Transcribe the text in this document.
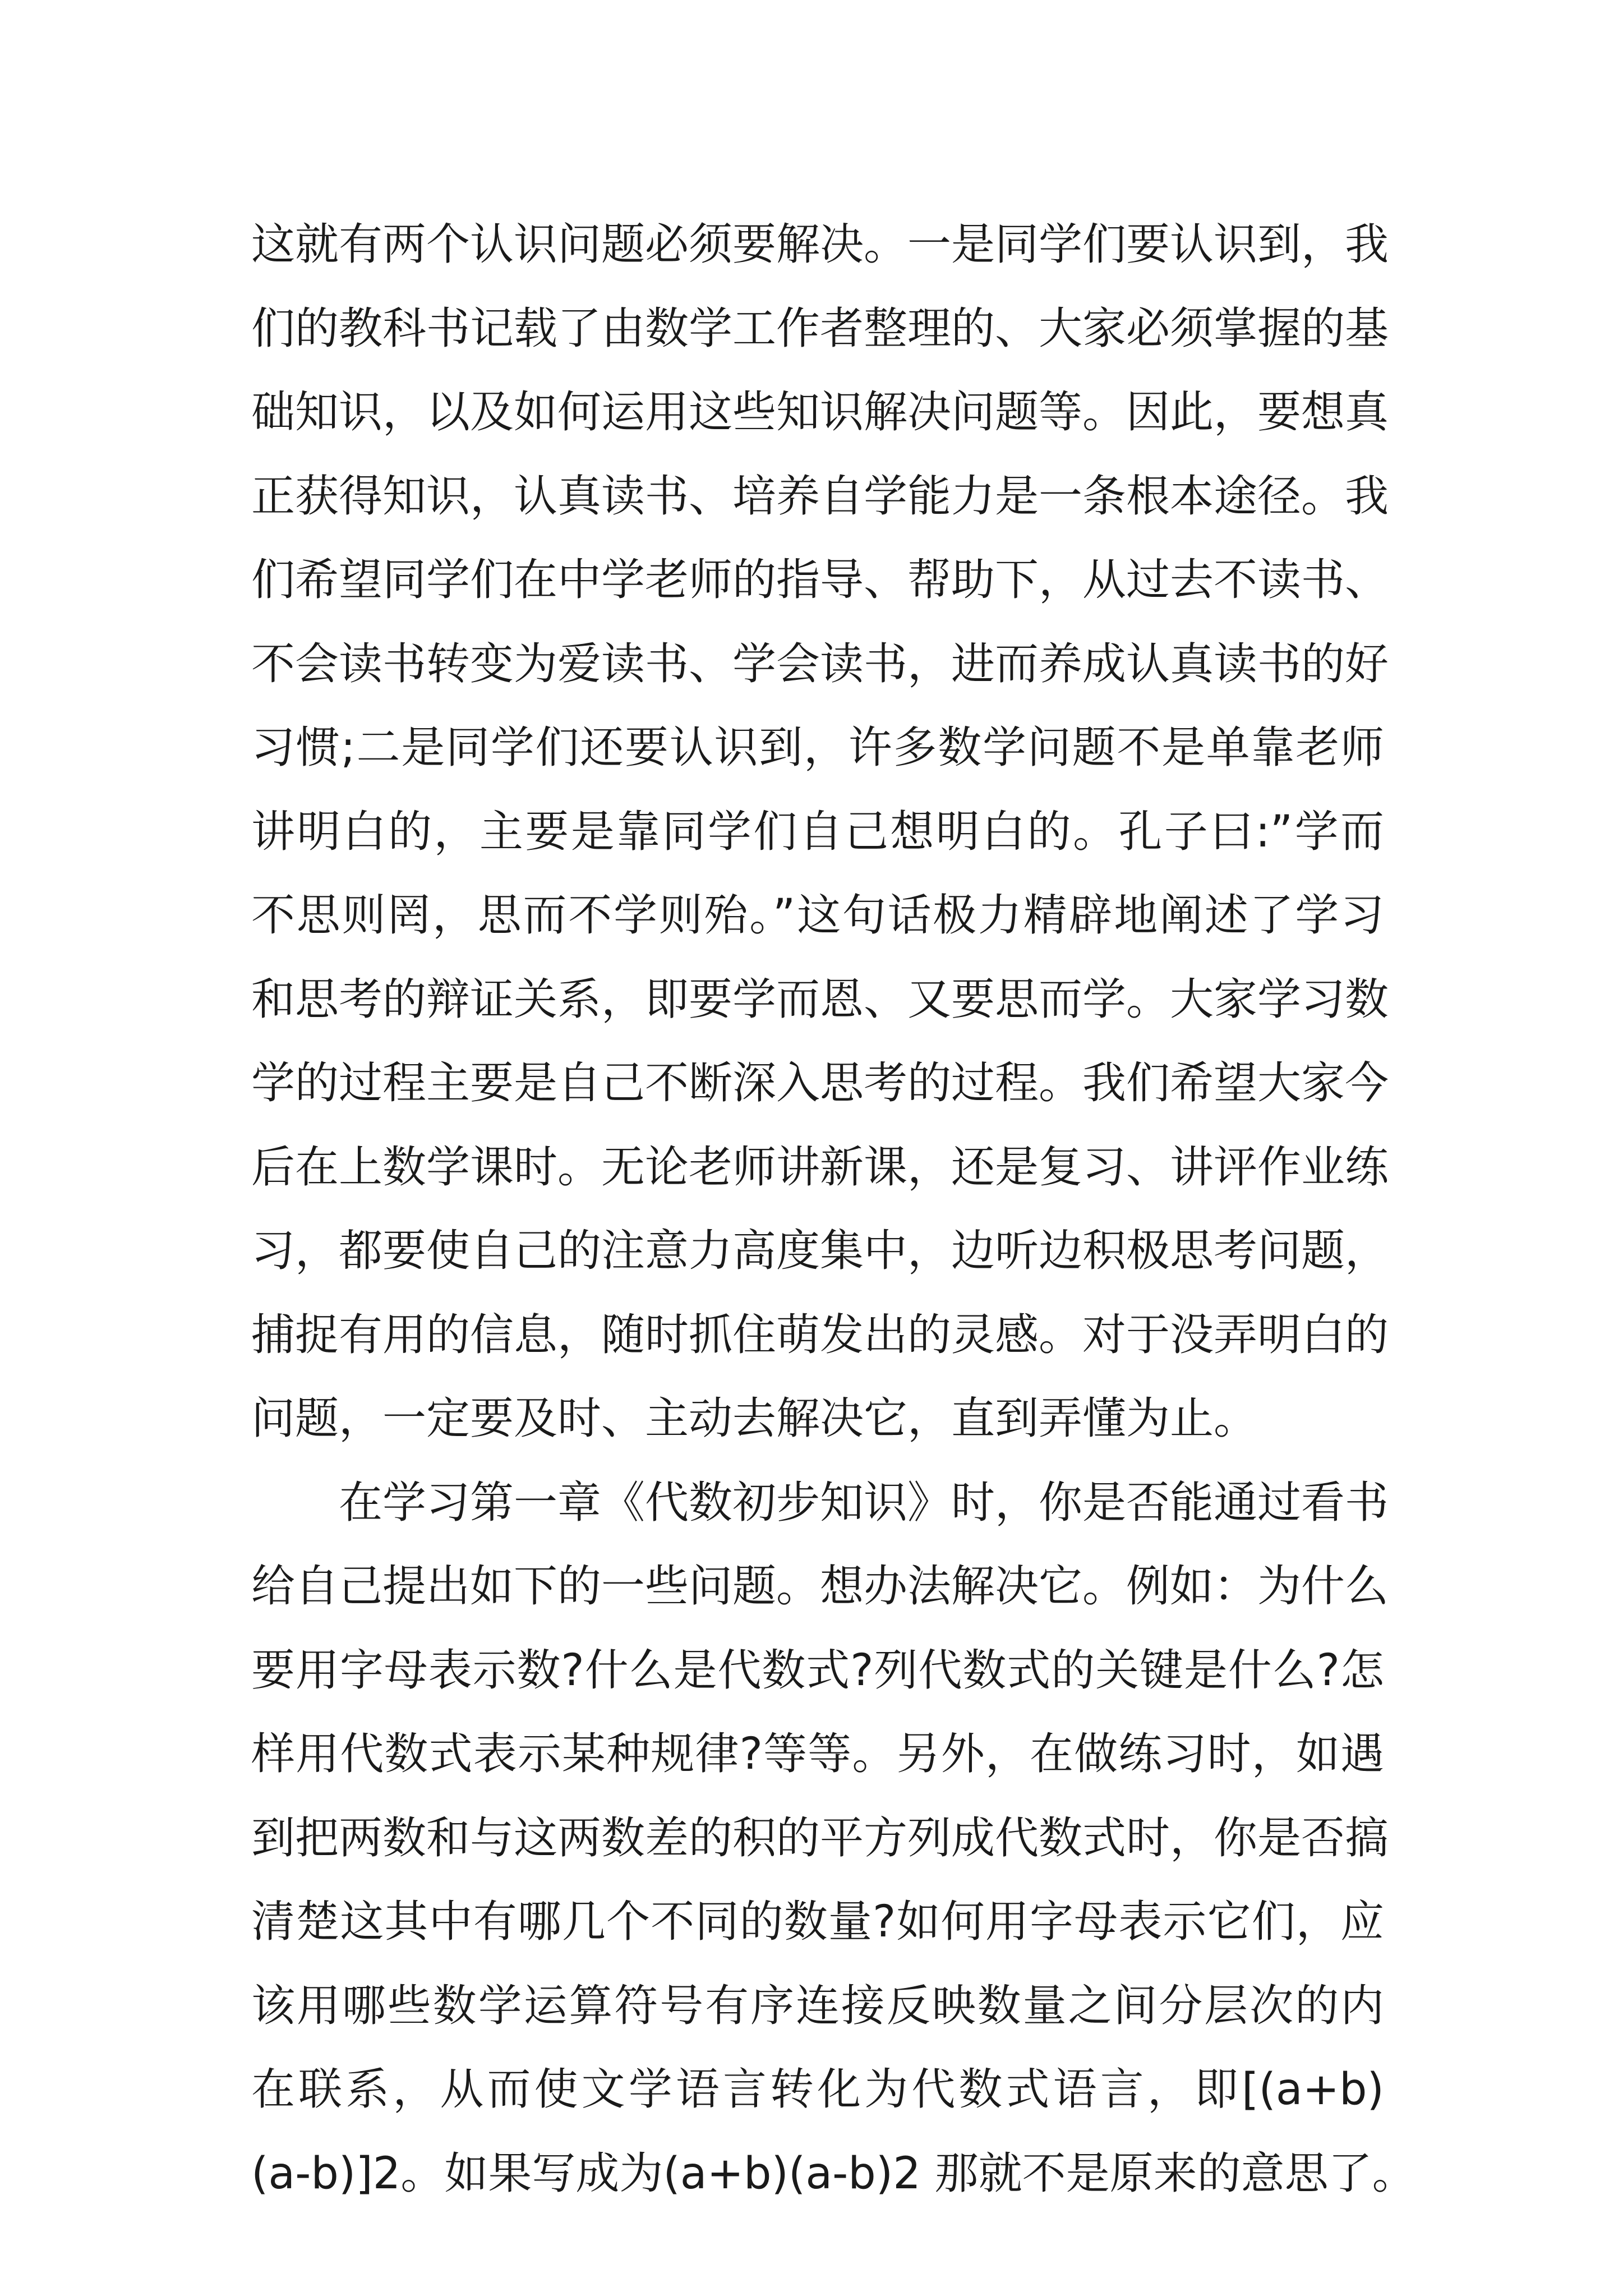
这就有两个认识问题必须要解决。一是同学们要认识到，我
们的教科书记载了由数学工作者整理的、大家必须掌握的基
础知识，以及如何运用这些知识解决问题等。因此，要想真
正获得知识，认真读书、培养自学能力是一条根本途径。我
们希望同学们在中学老师的指导、帮助下，从过去不读书、
不会读书转变为爱读书、学会读书，进而养成认真读书的好
习惯;二是同学们还要认识到，许多数学问题不是单靠老师
讲明白的，主要是靠同学们自己想明白的。孔子曰:”学而
不思则罔，思而不学则殆。”这句话极力精辟地阐述了学习
和思考的辩证关系，即要学而恩、又要思而学。大家学习数
学的过程主要是自己不断深入思考的过程。我们希望大家今
后在上数学课时。无论老师讲新课，还是复习、讲评作业练
习，都要使自己的注意力高度集中，边听边积极思考问题，
捕捉有用的信息，随时抓住萌发出的灵感。对于没弄明白的
问题，一定要及时、主动去解决它，直到弄懂为止。
在学习第一章《代数初步知识》时，你是否能通过看书
给自己提出如下的一些问题。想办法解决它。例如：为什么
要用字母表示数?什么是代数式?列代数式的关键是什么?怎
样用代数式表示某种规律?等等。另外，在做练习时，如遇
到把两数和与这两数差的积的平方列成代数式时，你是否搞
清楚这其中有哪几个不同的数量?如何用字母表示它们，应
该用哪些数学运算符号有序连接反映数量之间分层次的内
在联系，从而使文学语言转化为代数式语言，即[(a+b)
(a-b)]2。如果写成为(a+b)(a-b)2 那就不是原来的意思了。
